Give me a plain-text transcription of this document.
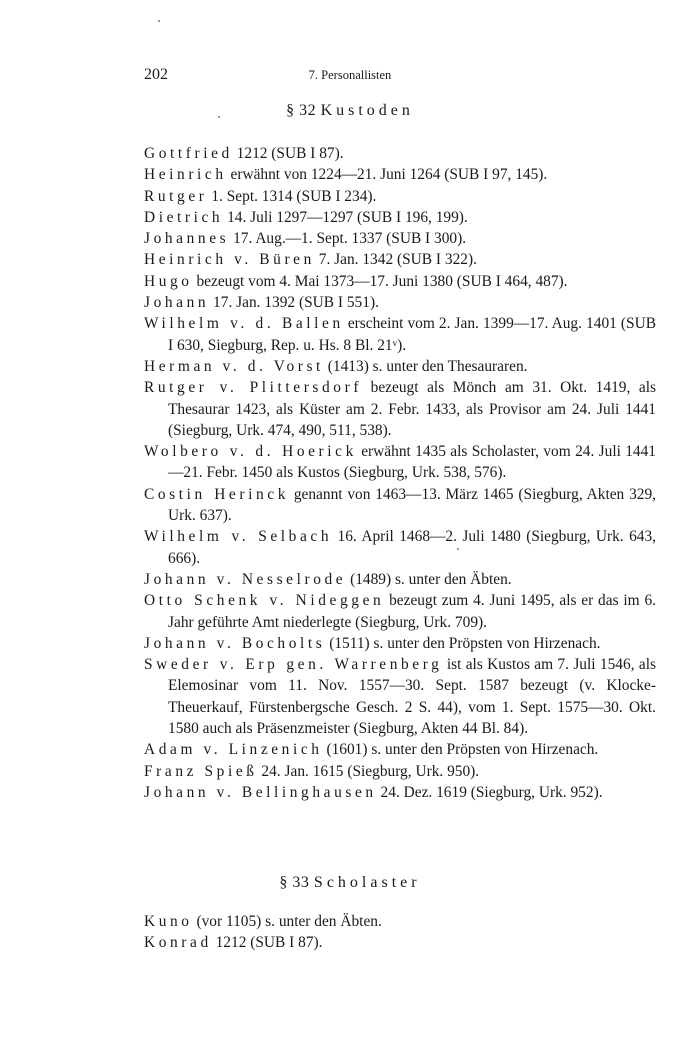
202	7. Personallisten
§ 32 Kustoden
Gottfried 1212 (SUB I 87).
Heinrich erwähnt von 1224—21. Juni 1264 (SUB I 97, 145).
Rutger 1. Sept. 1314 (SUB I 234).
Dietrich 14. Juli 1297—1297 (SUB I 196, 199).
Johannes 17. Aug.—1. Sept. 1337 (SUB I 300).
Heinrich v. Büren 7. Jan. 1342 (SUB I 322).
Hugo bezeugt vom 4. Mai 1373—17. Juni 1380 (SUB I 464, 487).
Johann 17. Jan. 1392 (SUB I 551).
Wilhelm v. d. Ballen erscheint vom 2. Jan. 1399—17. Aug. 1401 (SUB I 630, Siegburg, Rep. u. Hs. 8 Bl. 21ᵛ).
Herman v. d. Vorst (1413) s. unter den Thesauraren.
Rutger v. Plittersdorf bezeugt als Mönch am 31. Okt. 1419, als Thesaurar 1423, als Küster am 2. Febr. 1433, als Provisor am 24. Juli 1441 (Siegburg, Urk. 474, 490, 511, 538).
Wolbero v. d. Hoerick erwähnt 1435 als Scholaster, vom 24. Juli 1441—21. Febr. 1450 als Kustos (Siegburg, Urk. 538, 576).
Costin Herinck genannt von 1463—13. März 1465 (Siegburg, Akten 329, Urk. 637).
Wilhelm v. Selbach 16. April 1468—2. Juli 1480 (Siegburg, Urk. 643, 666).
Johann v. Nesselrode (1489) s. unter den Äbten.
Otto Schenk v. Nideggen bezeugt zum 4. Juni 1495, als er das im 6. Jahr geführte Amt niederlegte (Siegburg, Urk. 709).
Johann v. Bocholts (1511) s. unter den Pröpsten von Hirzenach.
Sweder v. Erp gen. Warrenberg ist als Kustos am 7. Juli 1546, als Elemosinar vom 11. Nov. 1557—30. Sept. 1587 bezeugt (v. Klocke-Theuerkauf, Fürstenbergsche Gesch. 2 S. 44), vom 1. Sept. 1575—30. Okt. 1580 auch als Präsenzmeister (Siegburg, Akten 44 Bl. 84).
Adam v. Linzenich (1601) s. unter den Pröpsten von Hirzenach.
Franz Spieß 24. Jan. 1615 (Siegburg, Urk. 950).
Johann v. Bellinghausen 24. Dez. 1619 (Siegburg, Urk. 952).
§ 33 Scholaster
Kuno (vor 1105) s. unter den Äbten.
Konrad 1212 (SUB I 87).
